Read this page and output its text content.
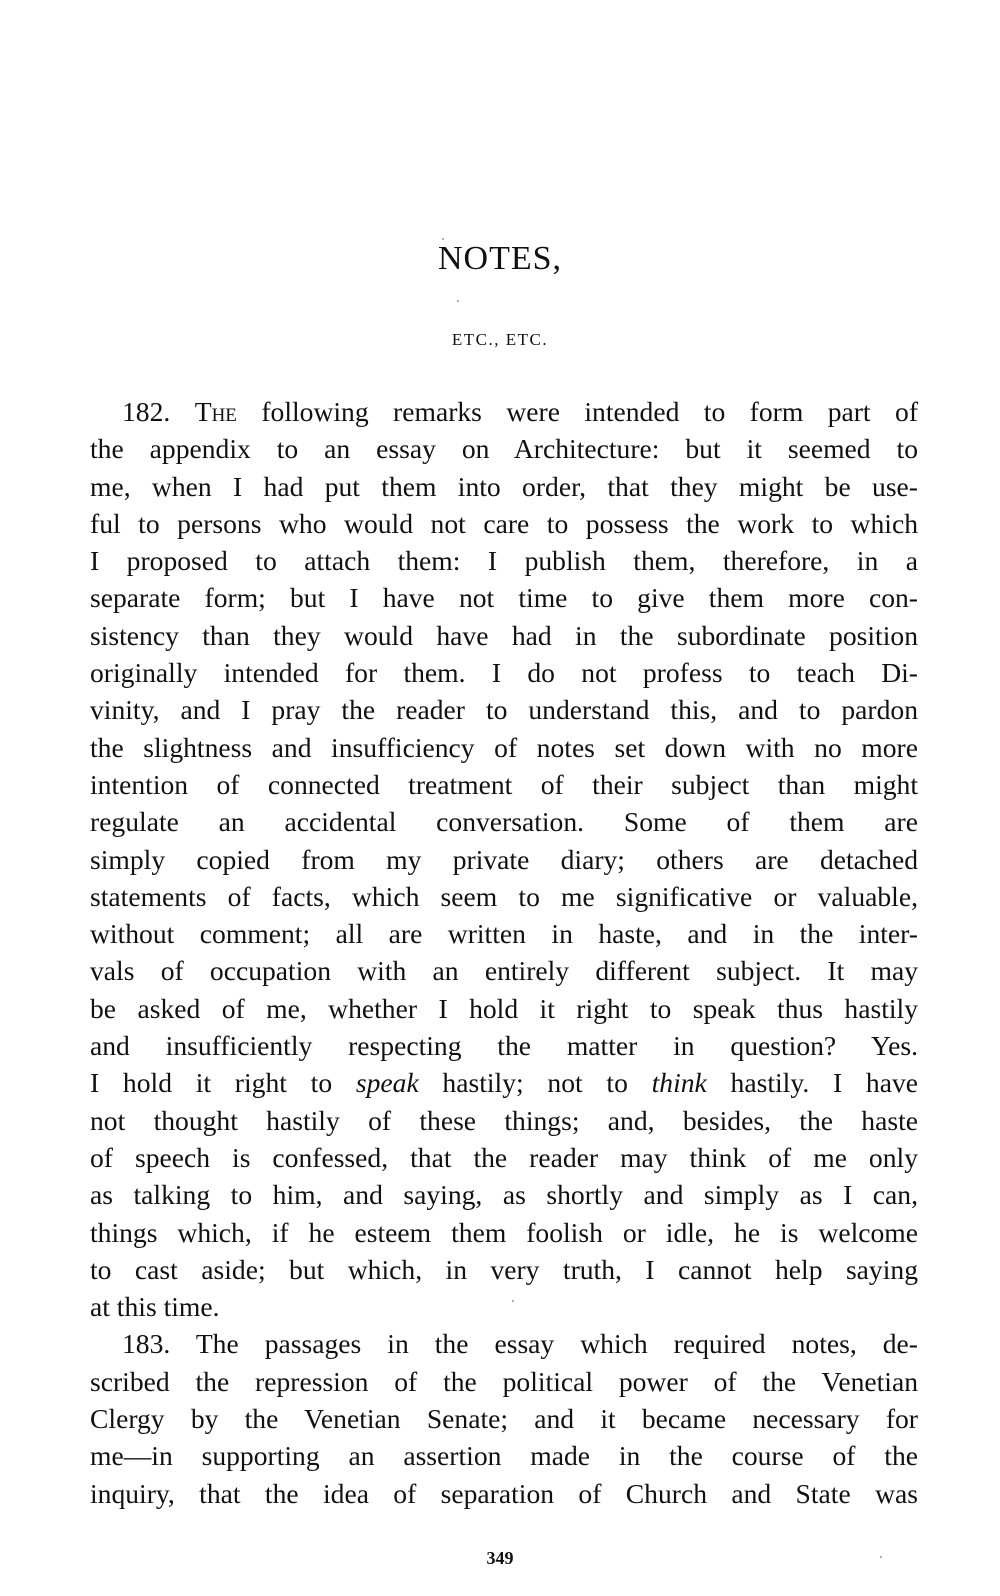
NOTES,
ETC., ETC.
182. The following remarks were intended to form part of
the appendix to an essay on Architecture: but it seemed to
me, when I had put them into order, that they might be use-
ful to persons who would not care to possess the work to which
I proposed to attach them: I publish them, therefore, in a
separate form; but I have not time to give them more con-
sistency than they would have had in the subordinate position
originally intended for them. I do not profess to teach Di-
vinity, and I pray the reader to understand this, and to pardon
the slightness and insufficiency of notes set down with no more
intention of connected treatment of their subject than might
regulate an accidental conversation. Some of them are
simply copied from my private diary; others are detached
statements of facts, which seem to me significative or valuable,
without comment; all are written in haste, and in the inter-
vals of occupation with an entirely different subject. It may
be asked of me, whether I hold it right to speak thus hastily
and insufficiently respecting the matter in question? Yes.
I hold it right to speak hastily; not to think hastily. I have
not thought hastily of these things; and, besides, the haste
of speech is confessed, that the reader may think of me only
as talking to him, and saying, as shortly and simply as I can,
things which, if he esteem them foolish or idle, he is welcome
to cast aside; but which, in very truth, I cannot help saying
at this time.
183. The passages in the essay which required notes, de-
scribed the repression of the political power of the Venetian
Clergy by the Venetian Senate; and it became necessary for
me—in supporting an assertion made in the course of the
inquiry, that the idea of separation of Church and State was
349
